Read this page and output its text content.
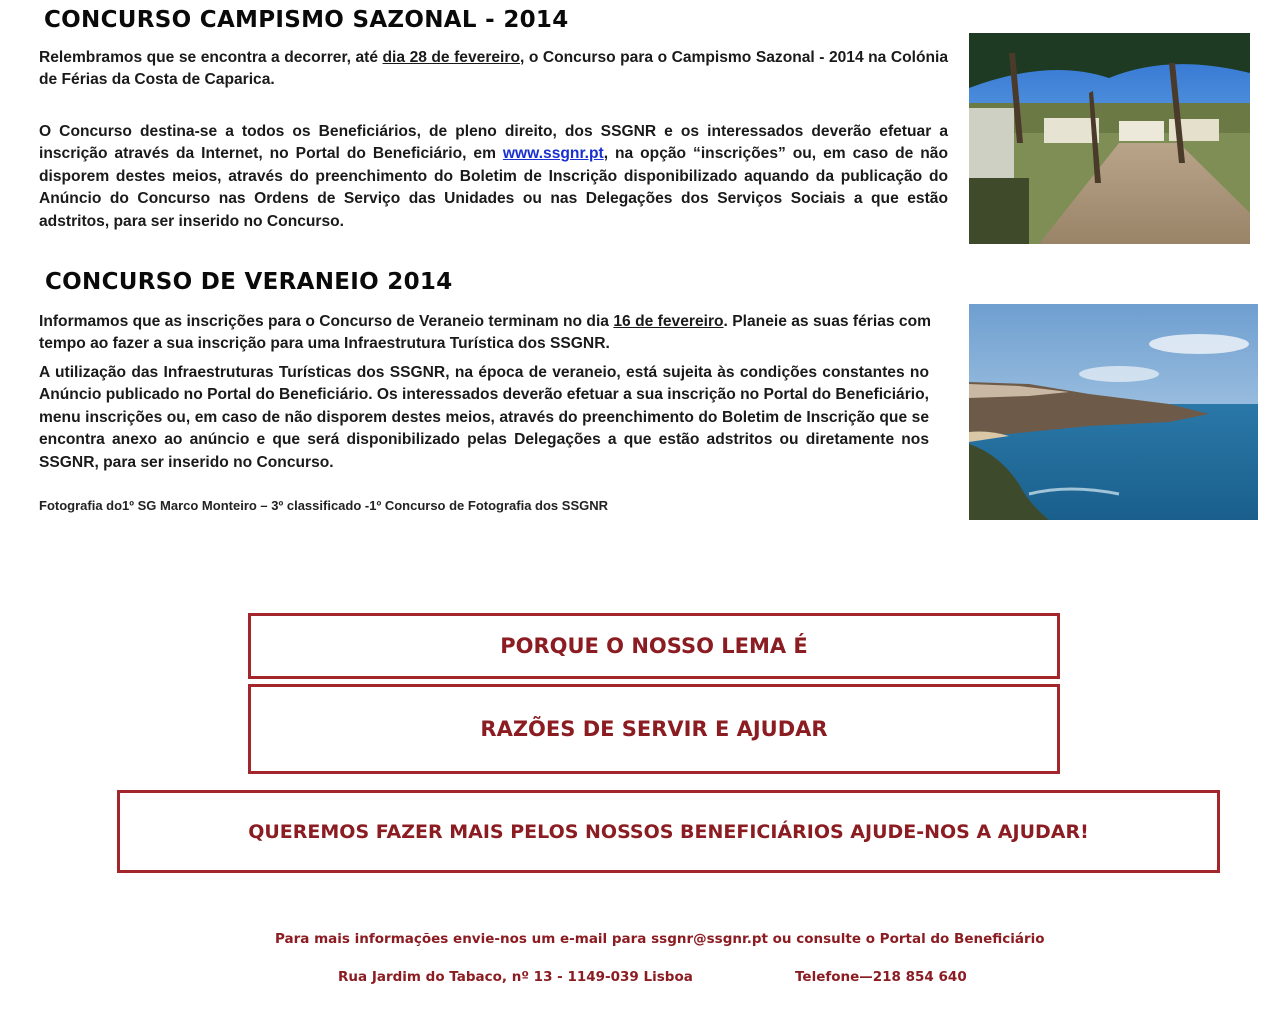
CONCURSO CAMPISMO SAZONAL - 2014

Relembramos que se encontra a decorrer, até dia 28 de fevereiro, o Concurso para o Campismo Sazonal - 2014 na Colónia de Férias da Costa de Caparica.

O Concurso destina-se a todos os Beneficiários, de pleno direito, dos SSGNR e os interessados deverão efetuar a inscrição através da Internet, no Portal do Beneficiário, em www.ssgnr.pt, na opção “inscrições” ou, em caso de não disporem destes meios, através do preenchimento do Boletim de Inscrição disponibilizado aquando da publicação do Anúncio do Concurso nas Ordens de Serviço das Unidades ou nas Delegações dos Serviços Sociais a que estão adstritos, para ser inserido no Concurso.

CONCURSO DE VERANEIO 2014

Informamos que as inscrições para o Concurso de Veraneio terminam no dia 16 de fevereiro. Planeie as suas férias com tempo ao fazer a sua inscrição para uma Infraestrutura Turística dos SSGNR.

A utilização das Infraestruturas Turísticas dos SSGNR, na época de veraneio, está sujeita às condições constantes no Anúncio publicado no Portal do Beneficiário. Os interessados deverão efetuar a sua inscrição no Portal do Beneficiário, menu inscrições ou, em caso de não disporem destes meios, através do preenchimento do Boletim de Inscrição que se encontra anexo ao anúncio e que será disponibilizado pelas Delegações a que estão adstritos ou diretamente nos SSGNR, para ser inserido no Concurso.

Fotografia do1º SG Marco Monteiro – 3º classificado -1º Concurso de Fotografia dos SSGNR

PORQUE O NOSSO LEMA É
RAZÕES DE SERVIR E AJUDAR
QUEREMOS FAZER MAIS PELOS NOSSOS BENEFICIÁRIOS AJUDE-NOS A AJUDAR!

Para mais informações envie-nos um e-mail para ssgnr@ssgnr.pt ou consulte o Portal do Beneficiário

Rua Jardim do Tabaco, nº 13 - 1149-039 Lisboa	Telefone—218 854 640
